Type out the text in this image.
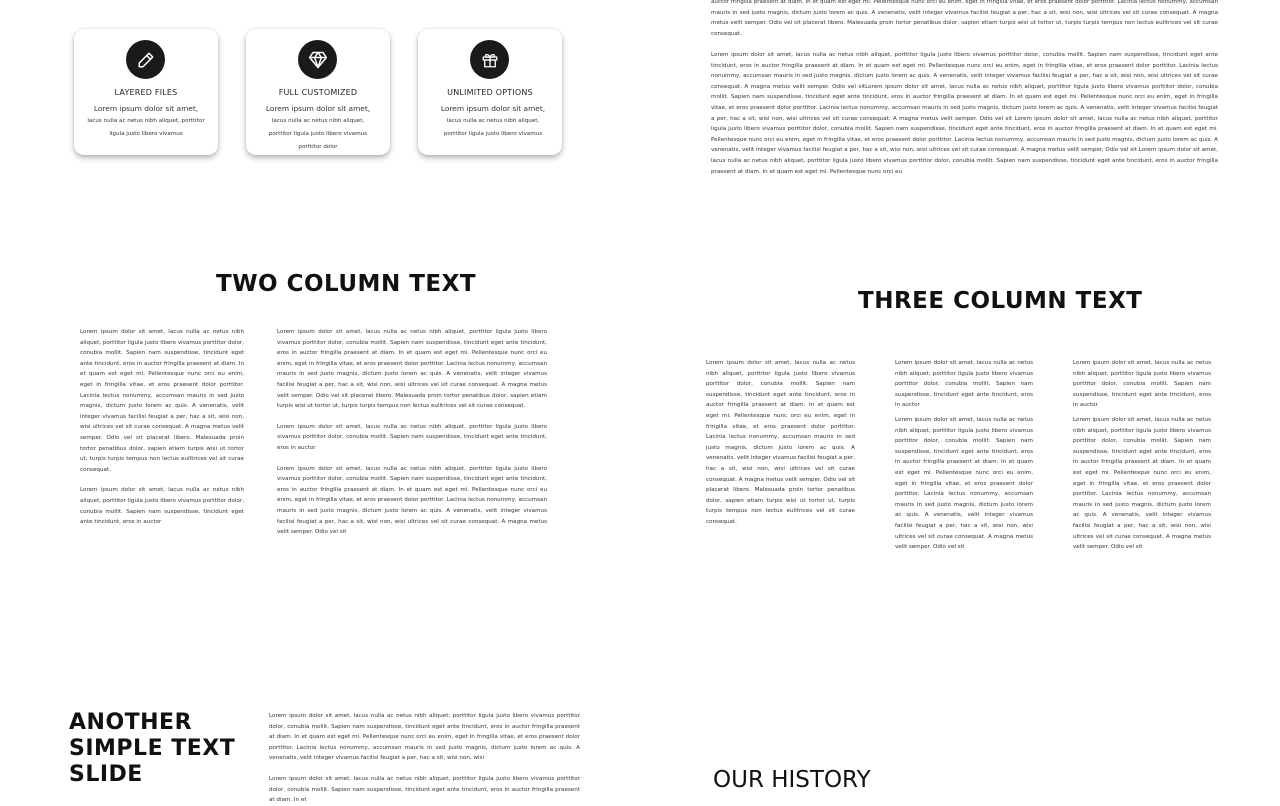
LAYERED FILES
Lorem ipsum dolor sit amet,
lacus nulla ac netus nibh aliquet, porttitor ligula justo libero vivamus
FULL CUSTOMIZED
Lorem ipsum dolor sit amet, lacus nulla ac netus nibh aliquet, porttitor ligula justo libero vivamus porttitor dolor
UNLIMITED OPTIONS
Lorem ipsum dolor sit amet, lacus nulla ac netus nibh aliquet, porttitor ligula justo libero vivamus

auctor fringilla praesent at diam. In et quam est eget mi. Pellentesque nunc orci eu enim, eget in fringilla vitae, et eros praesent dolor porttitor. Lacinia lectus nonummy, accumsan mauris in sed justo magnis, dictum justo lorem ac quis. A venenatis, velit integer vivamus facilisi feugiat a per, hac a sit, wisi non, wisi ultrices vel sit curae consequat. A magna metus velit semper. Odio vel sit placerat libero. Malesuada proin tortor penatibus dolor, sapien etiam turpis wisi ut tortor ut, turpis turpis tempus non lectus eulitrices vel sit curae consequat.

Lorem ipsum dolor sit amet, lacus nulla ac netus nibh aliquet, porttitor ligula justo libero vivamus porttitor dolor, conubia mollit. Sapien nam suspendisse, tincidunt eget ante tincidunt, eros in auctor fringilla praesent at diam. In et quam est eget mi. Pellentesque nunc orci eu enim, eget in fringilla vitae, et eros praesent dolor porttitor. Lacinia lectus nonummy, accumsan mauris in sed justo magnis, dictum justo lorem ac quis. A venenatis, velit integer vivamus facilisi feugiat a per, hac a sit, wisi non, wisi ultrices vel sit curae consequat. A magna metus velit semper. Odio vel sitLorem ipsum dolor sit amet, lacus nulla ac netus nibh aliquet, porttitor ligula justo libero vivamus porttitor dolor, conubia mollit. Sapien nam suspendisse, tincidunt eget ante tincidunt, eros in auctor fringilla praesent at diam. In et quam est eget mi. Pellentesque nunc orci eu enim, eget in fringilla vitae, et eros praesent dolor porttitor. Lacinia lectus nonummy, accumsan mauris in sed justo magnis, dictum justo lorem ac quis. A venenatis, velit integer vivamus facilisi feugiat a per, hac a sit, wisi non, wisi ultrices vel sit curae consequat. A magna metus velit semper. Odio vel sit Lorem ipsum dolor sit amet, lacus nulla ac netus nibh aliquet, porttitor ligula justo libero vivamus porttitor dolor, conubia mollit. Sapien nam suspendisse, tincidunt eget ante tincidunt, eros in auctor fringilla praesent at diam. In et quam est eget mi. Pellentesque nunc orci eu enim, eget in fringilla vitae, et eros praesent dolor porttitor. Lacinia lectus nonummy, accumsan mauris in sed justo magnis, dictum justo lorem ac quis. A venenatis, velit integer vivamus facilisi feugiat a per, hac a sit, wisi non, wisi ultrices vel sit curae consequat. A magna metus velit semper. Odio vel sit Lorem ipsum dolor sit amet, lacus nulla ac netus nibh aliquet, porttitor ligula justo libero vivamus porttitor dolor, conubia mollit. Sapien nam suspendisse, tincidunt eget ante tincidunt, eros in auctor fringilla praesent at diam. In et quam est eget mi. Pellentesque nunc orci eu

TWO COLUMN TEXT

Lorem ipsum dolor sit amet, lacus nulla ac netus nibh aliquet, porttitor ligula justo libero vivamus porttitor dolor, conubia mollit. Sapien nam suspendisse, tincidunt eget ante tincidunt, eros in auctor fringilla praesent at diam. In et quam est eget mi. Pellentesque nunc orci eu enim, eget in fringilla vitae, et eros praesent dolor porttitor. Lacinia lectus nonummy, accumsan mauris in sed justo magnis, dictum justo lorem ac quis. A venenatis, velit integer vivamus facilisi feugiat a per, hac a sit, wisi non, wisi ultrices vel sit curae consequat. A magna metus velit semper. Odio vel sit placerat libero. Malesuada proin tortor penatibus dolor, sapien etiam turpis wisi ut tortor ut, turpis turpis tempus non lectus eulitrices vel sit curae consequat.

Lorem ipsum dolor sit amet, lacus nulla ac netus nibh aliquet, porttitor ligula justo libero vivamus porttitor dolor, conubia mollit. Sapien nam suspendisse, tincidunt eget ante tincidunt, eros in auctor

Lorem ipsum dolor sit amet, lacus nulla ac netus nibh aliquet, porttitor ligula justo libero vivamus porttitor dolor, conubia mollit. Sapien nam suspendisse, tincidunt eget ante tincidunt, eros in auctor fringilla praesent at diam. In et quam est eget mi. Pellentesque nunc orci eu enim, eget in fringilla vitae, et eros praesent dolor porttitor. Lacinia lectus nonummy, accumsan mauris in sed justo magnis, dictum justo lorem ac quis. A venenatis, velit integer vivamus facilisi feugiat a per, hac a sit, wisi non, wisi ultrices vel sit curae consequat. A magna metus velit semper. Odio vel sit placerat libero. Malesuada proin tortor penatibus dolor, sapien etiam turpis wisi ut tortor ut, turpis turpis tempus non lectus eulitrices vel sit curae consequat.

Lorem ipsum dolor sit amet, lacus nulla ac netus nibh aliquet, porttitor ligula justo libero vivamus porttitor dolor, conubia mollit. Sapien nam suspendisse, tincidunt eget ante tincidunt, eros in auctor

Lorem ipsum dolor sit amet, lacus nulla ac netus nibh aliquet, porttitor ligula justo libero vivamus porttitor dolor, conubia mollit. Sapien nam suspendisse, tincidunt eget ante tincidunt, eros in auctor fringilla praesent at diam. In et quam est eget mi. Pellentesque nunc orci eu enim, eget in fringilla vitae, et eros praesent dolor porttitor. Lacinia lectus nonummy, accumsan mauris in sed justo magnis, dictum justo lorem ac quis. A venenatis, velit integer vivamus facilisi feugiat a per, hac a sit, wisi non, wisi ultrices vel sit curae consequat. A magna metus velit semper. Odio vel sit

THREE COLUMN TEXT

Lorem ipsum dolor sit amet, lacus nulla ac netus nibh aliquet, porttitor ligula justo libero vivamus porttitor dolor, conubia mollit. Sapien nam suspendisse, tincidunt eget ante tincidunt, eros in auctor fringilla praesent at diam. In et quam est eget mi. Pellentesque nunc orci eu enim, eget in fringilla vitae, et eros praesent dolor porttitor. Lacinia lectus nonummy, accumsan mauris in sed justo magnis, dictum justo lorem ac quis. A venenatis, velit integer vivamus facilisi feugiat a per, hac a sit, wisi non, wisi ultrices vel sit curae consequat. A magna metus velit semper. Odio vel sit placerat libero. Malesuada proin tortor penatibus dolor, sapien etiam turpis wisi ut tortor ut, turpis turpis tempus non lectus eulitrices vel sit curae consequat.

Lorem ipsum dolor sit amet, lacus nulla ac netus nibh aliquet, porttitor ligula justo libero vivamus porttitor dolor, conubia mollit. Sapien nam suspendisse, tincidunt eget ante tincidunt, eros in auctor

Lorem ipsum dolor sit amet, lacus nulla ac netus nibh aliquet, porttitor ligula justo libero vivamus porttitor dolor, conubia mollit. Sapien nam suspendisse, tincidunt eget ante tincidunt, eros in auctor fringilla praesent at diam. In et quam est eget mi. Pellentesque nunc orci eu enim, eget in fringilla vitae, et eros praesent dolor porttitor. Lacinia lectus nonummy, accumsan mauris in sed justo magnis, dictum justo lorem ac quis. A venenatis, velit integer vivamus facilisi feugiat a per, hac a sit, wisi non, wisi ultrices vel sit curae consequat. A magna metus velit semper. Odio vel sit

Lorem ipsum dolor sit amet, lacus nulla ac netus nibh aliquet, porttitor ligula justo libero vivamus porttitor dolor, conubia mollit. Sapien nam suspendisse, tincidunt eget ante tincidunt, eros in auctor

Lorem ipsum dolor sit amet, lacus nulla ac netus nibh aliquet, porttitor ligula justo libero vivamus porttitor dolor, conubia mollit. Sapien nam suspendisse, tincidunt eget ante tincidunt, eros in auctor fringilla praesent at diam. In et quam est eget mi. Pellentesque nunc orci eu enim, eget in fringilla vitae, et eros praesent dolor porttitor. Lacinia lectus nonummy, accumsan mauris in sed justo magnis, dictum justo lorem ac quis. A venenatis, velit integer vivamus facilisi feugiat a per, hac a sit, wisi non, wisi ultrices vel sit curae consequat. A magna metus velit semper. Odio vel sit

ANOTHER
SIMPLE TEXT
SLIDE

Lorem ipsum dolor sit amet, lacus nulla ac netus nibh aliquet, porttitor ligula justo libero vivamus porttitor dolor, conubia mollit. Sapien nam suspendisse, tincidunt eget ante tincidunt, eros in auctor fringilla praesent at diam. In et quam est eget mi. Pellentesque nunc orci eu enim, eget in fringilla vitae, et eros praesent dolor porttitor. Lacinia lectus nonummy, accumsan mauris in sed justo magnis, dictum justo lorem ac quis. A venenatis, velit integer vivamus facilisi feugiat a per, hac a sit, wisi non, wisi

Lorem ipsum dolor sit amet, lacus nulla ac netus nibh aliquet, porttitor ligula justo libero vivamus porttitor dolor, conubia mollit. Sapien nam suspendisse, tincidunt eget ante tincidunt, eros in auctor fringilla praesent at diam. In et

OUR HISTORY
